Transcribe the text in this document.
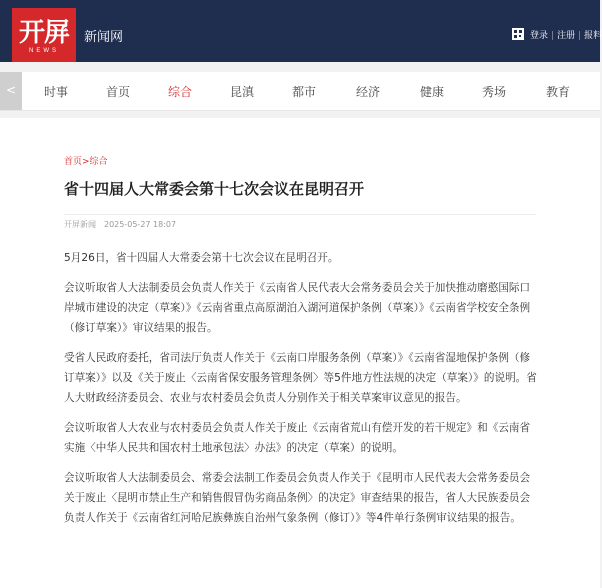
开屏
NEWS
新闻网	登录 | 注册 | 报料
<	时事	首页	综合	昆滇	都市	经济	健康	秀场	教育
首页>综合
省十四届人大常委会第十七次会议在昆明召开
开屏新闻 2025-05-27 18:07

5月26日，省十四届人大常委会第十七次会议在昆明召开。

会议听取省人大法制委员会负责人作关于《云南省人民代表大会常务委员会关于加快推动磨憨国际口岸城市建设的决定（草案）》《云南省重点高原湖泊入湖河道保护条例（草案）》《云南省学校安全条例（修订草案）》审议结果的报告。

受省人民政府委托，省司法厅负责人作关于《云南口岸服务条例（草案）》《云南省湿地保护条例（修订草案）》以及《关于废止〈云南省保安服务管理条例〉等5件地方性法规的决定（草案）》的说明。省人大财政经济委员会、农业与农村委员会负责人分别作关于相关草案审议意见的报告。

会议听取省人大农业与农村委员会负责人作关于废止《云南省荒山有偿开发的若干规定》和《云南省实施〈中华人民共和国农村土地承包法〉办法》的决定（草案）的说明。

会议听取省人大法制委员会、常委会法制工作委员会负责人作关于《昆明市人民代表大会常务委员会关于废止〈昆明市禁止生产和销售假冒伪劣商品条例〉的决定》审查结果的报告，省人大民族委员会负责人作关于《云南省红河哈尼族彝族自治州气象条例（修订）》等4件单行条例审议结果的报告。
